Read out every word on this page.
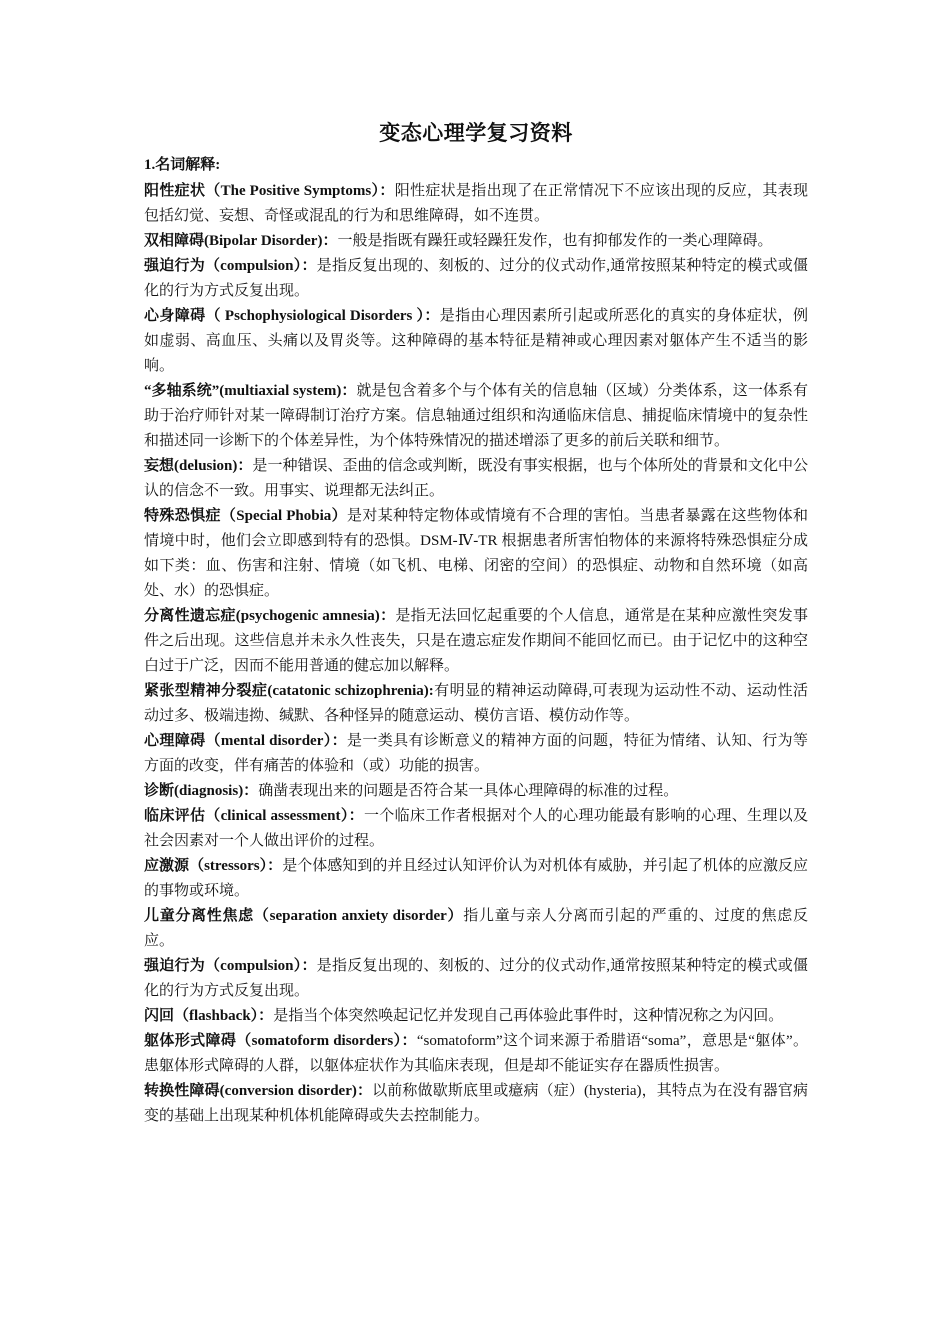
变态心理学复习资料
1.名词解释:

阳性症状（The Positive Symptoms）：阳性症状是指出现了在正常情况下不应该出现的反应，其表现包括幻觉、妄想、奇怪或混乱的行为和思维障碍，如不连贯。

双相障碍(Bipolar Disorder)：一般是指既有躁狂或轻躁狂发作，也有抑郁发作的一类心理障碍。

强迫行为（compulsion）：是指反复出现的、刻板的、过分的仪式动作,通常按照某种特定的模式或僵化的行为方式反复出现。

心身障碍（ Pschophysiological Disorders ）：是指由心理因素所引起或所恶化的真实的身体症状，例如虚弱、高血压、头痛以及胃炎等。这种障碍的基本特征是精神或心理因素对躯体产生不适当的影响。

“多轴系统”(multiaxial system)：就是包含着多个与个体有关的信息轴（区域）分类体系，这一体系有助于治疗师针对某一障碍制订治疗方案。信息轴通过组织和沟通临床信息、捕捉临床情境中的复杂性和描述同一诊断下的个体差异性，为个体特殊情况的描述增添了更多的前后关联和细节。

妄想(delusion)：是一种错误、歪曲的信念或判断，既没有事实根据，也与个体所处的背景和文化中公认的信念不一致。用事实、说理都无法纠正。

特殊恐惧症（Special Phobia）是对某种特定物体或情境有不合理的害怕。当患者暴露在这些物体和情境中时，他们会立即感到特有的恐惧。DSM-Ⅳ-TR 根据患者所害怕物体的来源将特殊恐惧症分成如下类：血、伤害和注射、情境（如飞机、电梯、闭密的空间）的恐惧症、动物和自然环境（如高处、水）的恐惧症。

分离性遗忘症(psychogenic amnesia)：是指无法回忆起重要的个人信息，通常是在某种应激性突发事件之后出现。这些信息并未永久性丧失，只是在遗忘症发作期间不能回忆而已。由于记忆中的这种空白过于广泛，因而不能用普通的健忘加以解释。

紧张型精神分裂症(catatonic schizophrenia):有明显的精神运动障碍,可表现为运动性不动、运动性活动过多、极端违拗、缄默、各种怪异的随意运动、模仿言语、模仿动作等。

心理障碍（mental disorder）：是一类具有诊断意义的精神方面的问题，特征为情绪、认知、行为等方面的改变，伴有痛苦的体验和（或）功能的损害。

诊断(diagnosis)：确凿表现出来的问题是否符合某一具体心理障碍的标准的过程。

临床评估（clinical assessment）：一个临床工作者根据对个人的心理功能最有影响的心理、生理以及社会因素对一个人做出评价的过程。

应激源（stressors）：是个体感知到的并且经过认知评价认为对机体有威胁，并引起了机体的应激反应的事物或环境。

儿童分离性焦虑（separation anxiety disorder）指儿童与亲人分离而引起的严重的、过度的焦虑反应。

强迫行为（compulsion）：是指反复出现的、刻板的、过分的仪式动作,通常按照某种特定的模式或僵化的行为方式反复出现。

闪回（flashback）：是指当个体突然唤起记忆并发现自己再体验此事件时，这种情况称之为闪回。

躯体形式障碍（somatoform disorders）：“somatoform”这个词来源于希腊语“soma”，意思是“躯体”。患躯体形式障碍的人群，以躯体症状作为其临床表现，但是却不能证实存在器质性损害。

转换性障碍(conversion disorder)：以前称做歇斯底里或癔病（症）(hysteria)，其特点为在没有器官病变的基础上出现某种机体机能障碍或失去控制能力。
